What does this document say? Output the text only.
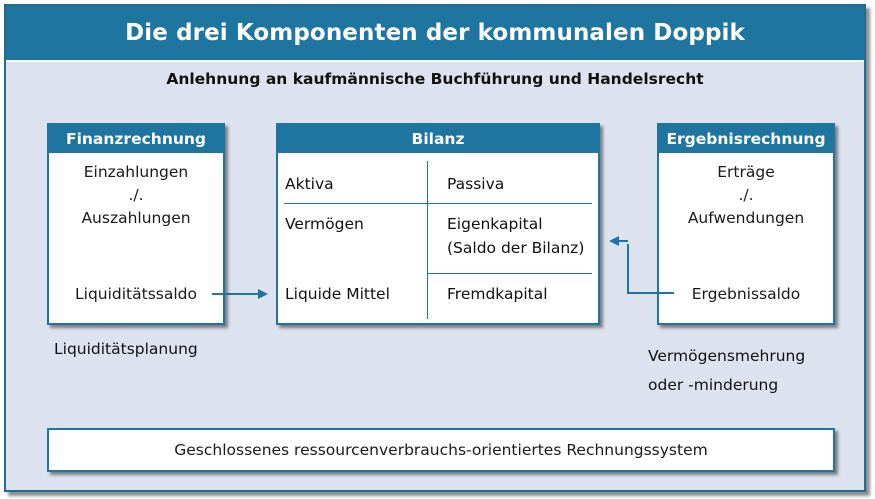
Die drei Komponenten der kommunalen Doppik
Anlehnung an kaufmännische Buchführung und Handelsrecht
Finanzrechnung
Einzahlungen
./.
Auszahlungen
Liquiditätssaldo
Liquiditätsplanung
Bilanz
Aktiva	Passiva
Vermögen	Eigenkapital
(Saldo der Bilanz)
Liquide Mittel	Fremdkapital
Ergebnisrechnung
Erträge
./.
Aufwendungen
Ergebnissaldo
Vermögensmehrung
oder -minderung
Geschlossenes ressourcenverbrauchs-orientiertes Rechnungssystem
